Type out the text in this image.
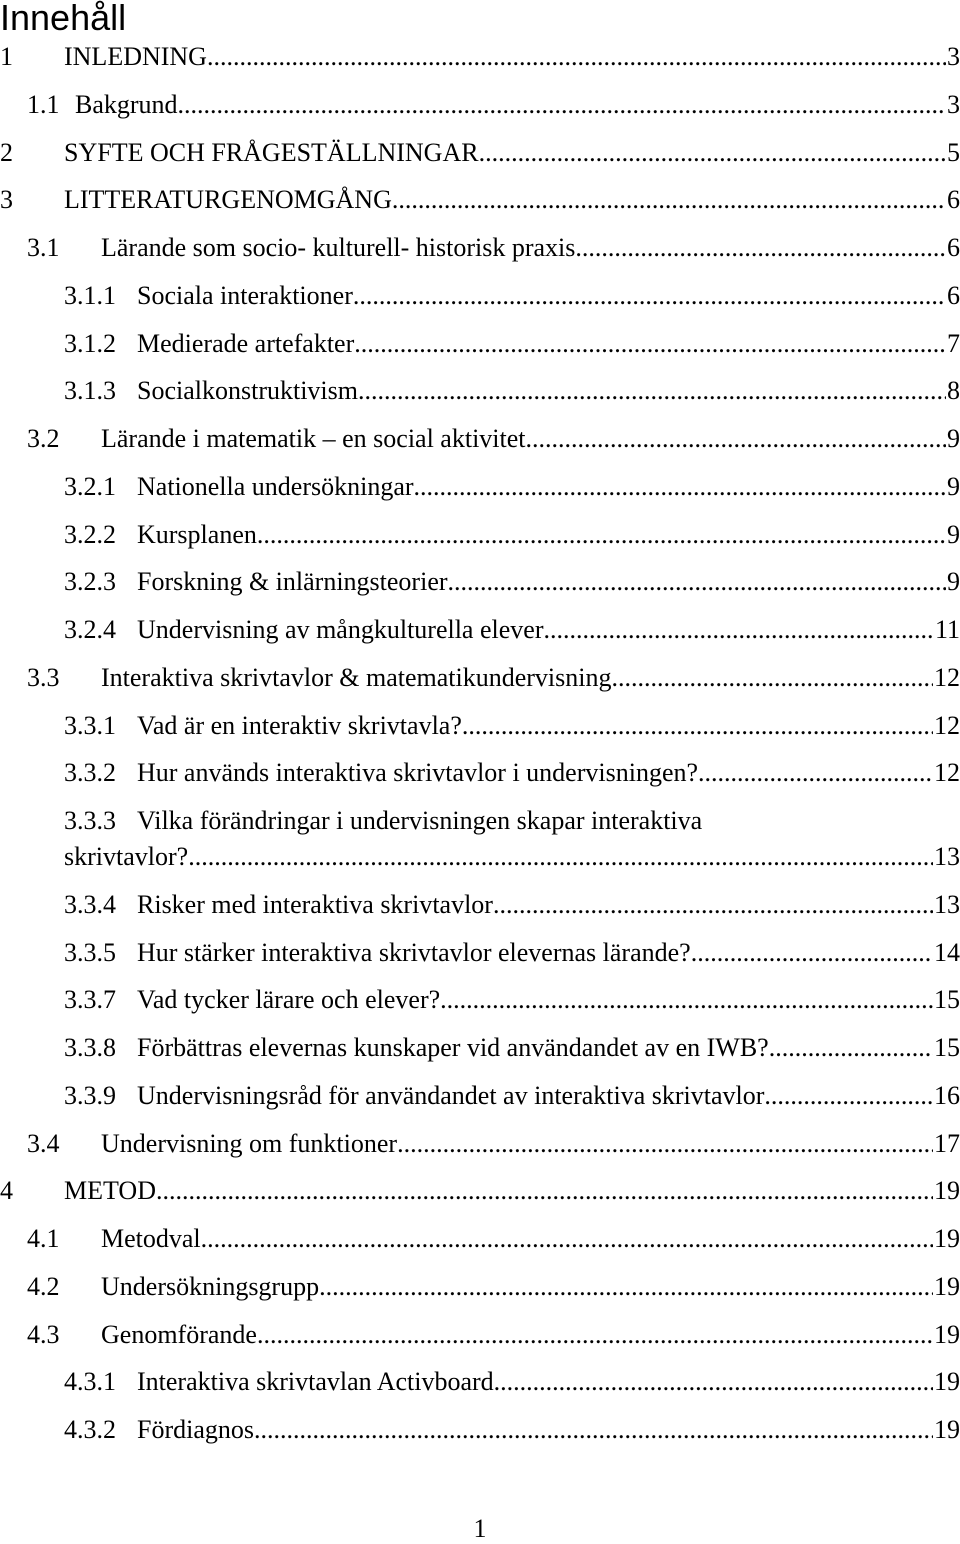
Innehåll
1	INLEDNING .....	3
1.1 Bakgrund .....	3
2	SYFTE OCH FRÅGESTÄLLNINGAR .....	5
3	LITTERATURGENOMGÅNG .....	6
3.1	Lärande som socio- kulturell- historisk praxis .....	6
3.1.1 Sociala interaktioner .....	6
3.1.2 Medierade artefakter .....	7
3.1.3 Socialkonstruktivism .....	8
3.2	Lärande i matematik – en social aktivitet .....	9
3.2.1 Nationella undersökningar .....	9
3.2.2 Kursplanen .....	9
3.2.3 Forskning & inlärningsteorier .....	9
3.2.4 Undervisning av mångkulturella elever .....	11
3.3	Interaktiva skrivtavlor & matematikundervisning .....	12
3.3.1 Vad är en interaktiv skrivtavla? .....	12
3.3.2 Hur används interaktiva skrivtavlor i undervisningen? .....	12
3.3.3 Vilka förändringar i undervisningen skapar interaktiva
skrivtavlor? .....	13
3.3.4 Risker med interaktiva skrivtavlor .....	13
3.3.5 Hur stärker interaktiva skrivtavlor elevernas lärande? .....	14
3.3.7 Vad tycker lärare och elever? .....	15
3.3.8 Förbättras elevernas kunskaper vid användandet av en IWB? .....	15
3.3.9 Undervisningsråd för användandet av interaktiva skrivtavlor .....	16
3.4	Undervisning om funktioner .....	17
4	METOD .....	19
4.1	Metodval .....	19
4.2	Undersökningsgrupp .....	19
4.3	Genomförande .....	19
4.3.1 Interaktiva skrivtavlan Activboard .....	19
4.3.2 Fördiagnos .....	19
1
